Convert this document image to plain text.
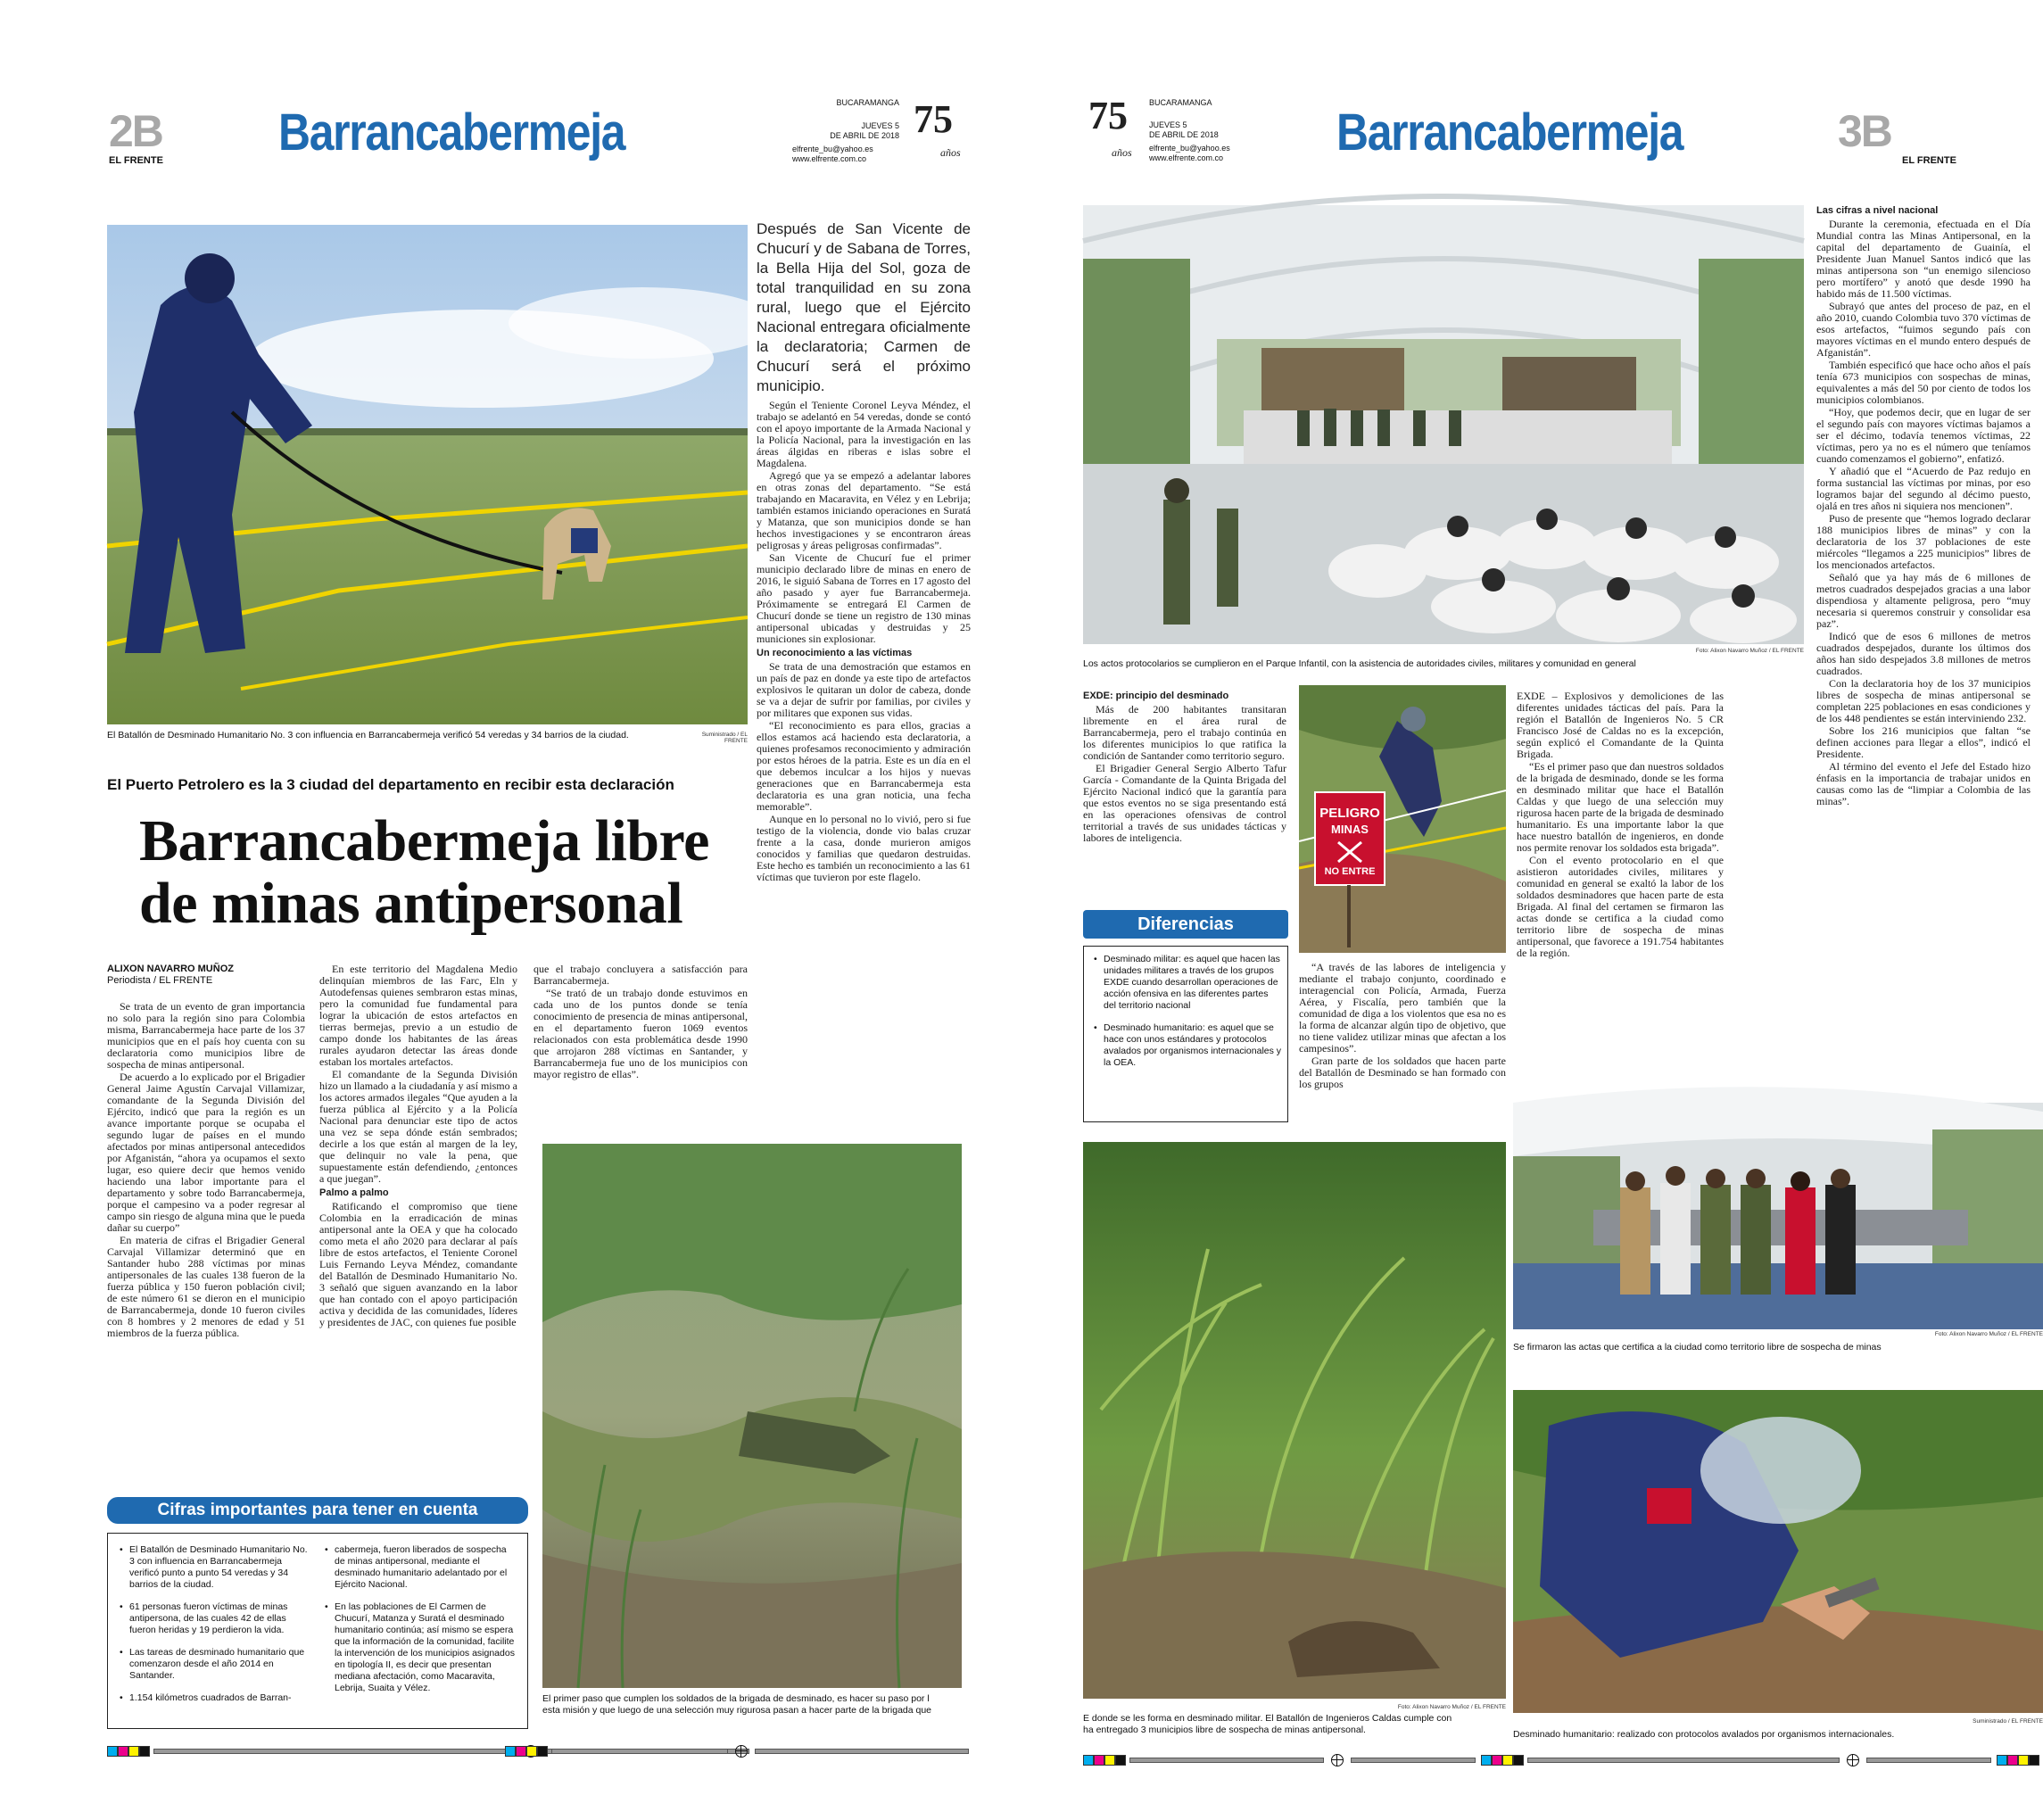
2B
EL FRENTE Barrancabermeja
BUCARAMANGA
JUEVES 5
DE ABRIL DE 2018
elfrente_bu@yahoo.es
www.elfrente.com.co
75
años
El Batallón de Desminado Humanitario No. 3 con influencia en Barrancabermeja verificó 54 veredas y 34 barrios de la ciudad.	Suministrado / EL FRENTE
Después de San Vicente de Chucurí y de Sabana de Torres, la Bella Hija del Sol, goza de total tranquilidad en su zona rural, luego que el Ejército Nacional entregara oficialmente la declaratoria; Carmen de Chucurí será el próximo municipio.

Según el Teniente Coronel Leyva Méndez, el trabajo se adelantó en 54 veredas, donde se contó con el apoyo importante de la Armada Nacional y la Policía Nacional, para la investigación en las áreas álgidas en riberas e islas sobre el Magdalena.

Agregó que ya se empezó a adelantar labores en otras zonas del departamento. “Se está trabajando en Macaravita, en Vélez y en Lebrija; también estamos iniciando operaciones en Suratá y Matanza, que son municipios donde se han hechos investigaciones y se encontraron áreas peligrosas y áreas peligrosas confirmadas”.

San Vicente de Chucurí fue el primer municipio declarado libre de minas en enero de 2016, le siguió Sabana de Torres en 17 agosto del año pasado y ayer fue Barrancabermeja. Próximamente se entregará El Carmen de Chucurí donde se tiene un registro de 130 minas antipersonal ubicadas y destruidas y 25 municiones sin explosionar.

Un reconocimiento a las víctimas

Se trata de una demostración que estamos en un país de paz en donde ya este tipo de artefactos explosivos le quitaran un dolor de cabeza, donde se va a dejar de sufrir por familias, por civiles y por militares que exponen sus vidas.

“El reconocimiento es para ellos, gracias a ellos estamos acá haciendo esta declaratoria, a quienes profesamos reconocimiento y admiración por estos héroes de la patria. Este es un día en el que debemos inculcar a los hijos y nuevas generaciones que en Barrancabermeja esta declaratoria es una gran noticia, una fecha memorable”.

Aunque en lo personal no lo vivió, pero si fue testigo de la violencia, donde vio balas cruzar frente a la casa, donde murieron amigos conocidos y familias que quedaron destruidas. Este hecho es también un reconocimiento a las 61 víctimas que tuvieron por este flagelo.

El Puerto Petrolero es la 3 ciudad del departamento en recibir esta declaración
Barrancabermeja libre
de minas antipersonal
ALIXON NAVARRO MUÑOZ
Periodista / EL FRENTE

Se trata de un evento de gran importancia no solo para la región sino para Colombia misma, Barrancabermeja hace parte de los 37 municipios que en el país hoy cuenta con su declaratoria como municipios libre de sospecha de minas antipersonal.

De acuerdo a lo explicado por el Brigadier General Jaime Agustín Carvajal Villamizar, comandante de la Segunda División del Ejército, indicó que para la región es un avance importante porque se ocupaba el segundo lugar de países en el mundo afectados por minas antipersonal antecedidos por Afganistán, “ahora ya ocupamos el sexto lugar, eso quiere decir que hemos venido haciendo una labor importante para el departamento y sobre todo Barrancabermeja, porque el campesino va a poder regresar al campo sin riesgo de alguna mina que le pueda dañar su cuerpo”

En materia de cifras el Brigadier General Carvajal Villamizar determinó que en Santander hubo 288 víctimas por minas antipersonales de las cuales 138 fueron de la fuerza pública y 150 fueron población civil; de este número 61 se dieron en el municipio de Barrancabermeja, donde 10 fueron civiles con 8 hombres y 2 menores de edad y 51 miembros de la fuerza pública.

En este territorio del Magdalena Medio delinquían miembros de las Farc, Eln y Autodefensas quienes sembraron estas minas, pero la comunidad fue fundamental para lograr la ubicación de estos artefactos en tierras bermejas, previo a un estudio de campo donde los habitantes de las áreas rurales ayudaron detectar las áreas donde estaban los mortales artefactos.

El comandante de la Segunda División hizo un llamado a la ciudadanía y así mismo a los actores armados ilegales “Que ayuden a la fuerza pública al Ejército y a la Policía Nacional para denunciar este tipo de actos una vez se sepa dónde están sembrados; decirle a los que están al margen de la ley, que delinquir no vale la pena, que supuestamente están defendiendo, ¿entonces a que juegan”.

Palmo a palmo

Ratificando el compromiso que tiene Colombia en la erradicación de minas antipersonal ante la OEA y que ha colocado como meta el año 2020 para declarar al país libre de estos artefactos, el Teniente Coronel Luis Fernando Leyva Méndez, comandante del Batallón de Desminado Humanitario No. 3 señaló que siguen avanzando en la labor que han contado con el apoyo participación activa y decidida de las comunidades, líderes y presidentes de JAC, con quienes fue posible

que el trabajo concluyera a satisfacción para Barrancabermeja.

“Se trató de un trabajo donde estuvimos en cada uno de los puntos donde se tenía conocimiento de presencia de minas antipersonal, en el departamento fueron 1069 eventos relacionados con esta problemática desde 1990 que arrojaron 288 víctimas en Santander, y Barrancabermeja fue uno de los municipios con mayor registro de ellas”.

El primer paso que cumplen los soldados de la brigada de desminado, es hacer su paso por l
esta misión y que luego de una selección muy rigurosa pasan a hacer parte de la brigada que
Cifras importantes para tener en cuenta
• El Batallón de Desminado Humanitario No. 3 con influencia en Barrancabermeja verificó punto a punto 54 veredas y 34 barrios de la ciudad.
• 61 personas fueron víctimas de minas antipersona, de las cuales 42 de ellas fueron heridas y 19 perdieron la vida.
• Las tareas de desminado humanitario que comenzaron desde el año 2014 en Santander.
• 1.154 kilómetros cuadrados de Barran-
• cabermeja, fueron liberados de sospecha de minas antipersonal, mediante el desminado humanitario adelantado por el Ejército Nacional.
• En las poblaciones de El Carmen de Chucurí, Matanza y Suratá el desminado humanitario continúa; así mismo se espera que la información de la comunidad, facilite la intervención de los municipios asignados en tipología II, es decir que presentan mediana afectación, como Macaravita, Lebrija, Suaita y Vélez.
75
años
BUCARAMANGA
JUEVES 5
DE ABRIL DE 2018
elfrente_bu@yahoo.es
www.elfrente.com.co Barrancabermeja	3B
EL FRENTE
Foto: Alixon Navarro Muñoz / EL FRENTE
Los actos protocolarios se cumplieron en el Parque Infantil, con la asistencia de autoridades civiles, militares y comunidad en general
Las cifras a nivel nacional

Durante la ceremonia, efectuada en el Día Mundial contra las Minas Antipersonal, en la capital del departamento de Guainía, el Presidente Juan Manuel Santos indicó que las minas antipersona son “un enemigo silencioso pero mortífero” y anotó que desde 1990 ha habido más de 11.500 víctimas.

Subrayó que antes del proceso de paz, en el año 2010, cuando Colombia tuvo 370 víctimas de esos artefactos, “fuimos segundo país con mayores víctimas en el mundo entero después de Afganistán”.

También especificó que hace ocho años el país tenía 673 municipios con sospechas de minas, equivalentes a más del 50 por ciento de todos los municipios colombianos.

“Hoy, que podemos decir, que en lugar de ser el segundo país con mayores víctimas bajamos a ser el décimo, todavía tenemos víctimas, 22 víctimas, pero ya no es el número que teníamos cuando comenzamos el gobierno”, enfatizó.

Y añadió que el “Acuerdo de Paz redujo en forma sustancial las víctimas por minas, por eso logramos bajar del segundo al décimo puesto, ojalá en tres años ni siquiera nos mencionen”.

Puso de presente que “hemos logrado declarar 188 municipios libres de minas” y con la declaratoria de los 37 poblaciones de este miércoles “llegamos a 225 municipios” libres de los mencionados artefactos.

Señaló que ya hay más de 6 millones de metros cuadrados despejados gracias a una labor dispendiosa y altamente peligrosa, pero “muy necesaria si queremos construir y consolidar esa paz”.

Indicó que de esos 6 millones de metros cuadrados despejados, durante los últimos dos años han sido despejados 3.8 millones de metros cuadrados.

Con la declaratoria hoy de los 37 municipios libres de sospecha de minas antipersonal se completan 225 poblaciones en esas condiciones y de los 448 pendientes se están interviniendo 232.

Sobre los 216 municipios que faltan “se definen acciones para llegar a ellos”, indicó el Presidente.

Al término del evento el Jefe del Estado hizo énfasis en la importancia de trabajar unidos en causas como las de “limpiar a Colombia de las minas”.

EXDE: principio del desminado

Más de 200 habitantes transitaran libremente en el área rural de Barrancabermeja, pero el trabajo continúa en los diferentes municipios lo que ratifica la condición de Santander como territorio seguro.

El Brigadier General Sergio Alberto Tafur García - Comandante de la Quinta Brigada del Ejército Nacional indicó que la garantía para que estos eventos no se siga presentando está en las operaciones ofensivas de control territorial a través de sus unidades tácticas y labores de inteligencia.

Diferencias
• Desminado militar: es aquel que hacen las unidades militares a través de los grupos EXDE cuando desarrollan operaciones de acción ofensiva en las diferentes partes del territorio nacional
• Desminado humanitario: es aquel que se hace con unos estándares y protocolos avalados por organismos internacionales y la OEA.
PELIGRO
MINAS
NO ENTRE

“A través de las labores de inteligencia y mediante el trabajo conjunto, coordinado e interagencial con Policía, Armada, Fuerza Aérea, y Fiscalía, pero también que la comunidad de diga a los violentos que esa no es la forma de alcanzar algún tipo de objetivo, que no tiene validez utilizar minas que afectan a los campesinos”.

Gran parte de los soldados que hacen parte del Batallón de Desminado se han formado con los grupos

EXDE – Explosivos y demoliciones de las diferentes unidades tácticas del país. Para la región el Batallón de Ingenieros No. 5 CR Francisco José de Caldas no es la excepción, según explicó el Comandante de la Quinta Brigada.

“Es el primer paso que dan nuestros soldados de la brigada de desminado, donde se les forma en desminado militar que hace el Batallón Caldas y que luego de una selección muy rigurosa hacen parte de la brigada de desminado humanitario. Es una importante labor la que hace nuestro batallón de ingenieros, en donde nos permite renovar los soldados esta brigada”.

Con el evento protocolario en el que asistieron autoridades civiles, militares y comunidad en general se exaltó la labor de los soldados desminadores que hacen parte de esta Brigada. Al final del certamen se firmaron las actas donde se certifica a la ciudad como territorio libre de sospecha de minas antipersonal, que favorece a 191.754 habitantes de la región.

Foto: Alixon Navarro Muñoz / EL FRENTE
Se firmaron las actas que certifica a la ciudad como territorio libre de sospecha de minas
Foto: Alixon Navarro Muñoz / EL FRENTE
E donde se les forma en desminado militar. El Batallón de Ingenieros Caldas cumple con
ha entregado 3 municipios libre de sospecha de minas antipersonal.
Suministrado / EL FRENTE
Desminado humanitario: realizado con protocolos avalados por organismos internacionales.
